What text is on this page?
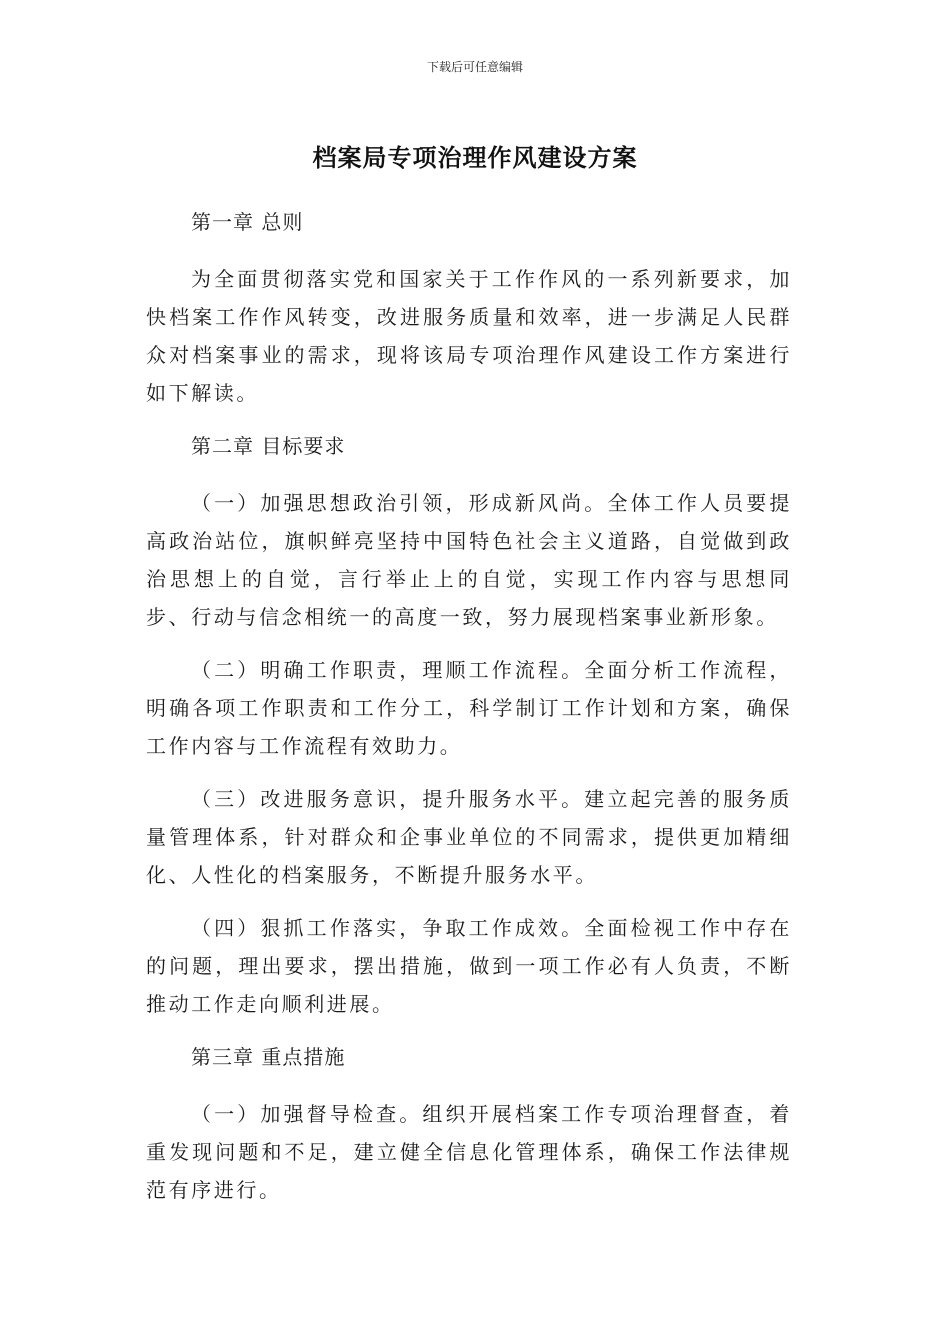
下载后可任意编辑
档案局专项治理作风建设方案

第一章 总则

为全面贯彻落实党和国家关于工作作风的一系列新要求，加快档案工作作风转变，改进服务质量和效率，进一步满足人民群众对档案事业的需求，现将该局专项治理作风建设工作方案进行如下解读。

第二章 目标要求

（一）加强思想政治引领，形成新风尚。全体工作人员要提高政治站位，旗帜鲜亮坚持中国特色社会主义道路，自觉做到政治思想上的自觉，言行举止上的自觉，实现工作内容与思想同步、行动与信念相统一的高度一致，努力展现档案事业新形象。

（二）明确工作职责，理顺工作流程。全面分析工作流程，明确各项工作职责和工作分工，科学制订工作计划和方案，确保工作内容与工作流程有效助力。

（三）改进服务意识，提升服务水平。建立起完善的服务质量管理体系，针对群众和企事业单位的不同需求，提供更加精细化、人性化的档案服务，不断提升服务水平。

（四）狠抓工作落实，争取工作成效。全面检视工作中存在的问题，理出要求，摆出措施，做到一项工作必有人负责，不断推动工作走向顺利进展。

第三章 重点措施

（一）加强督导检查。组织开展档案工作专项治理督查，着重发现问题和不足，建立健全信息化管理体系，确保工作法律规范有序进行。
